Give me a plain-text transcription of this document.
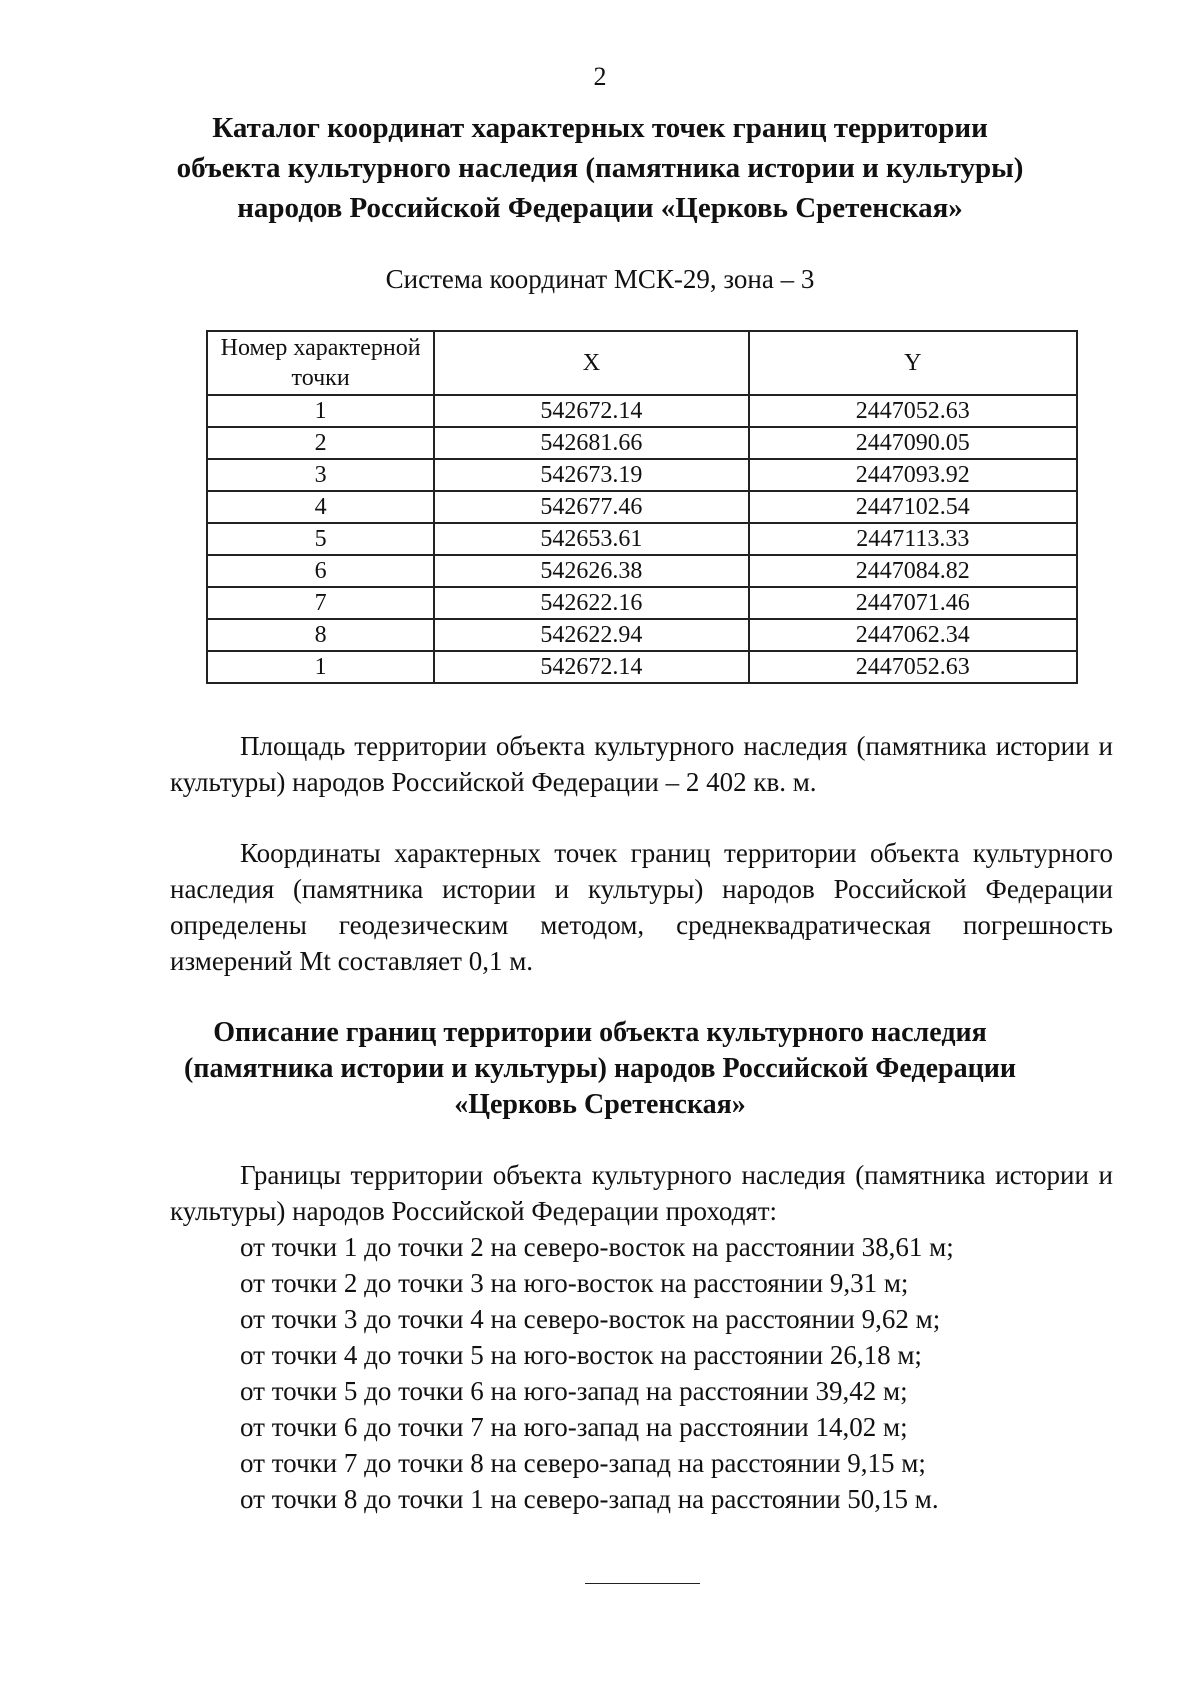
2
Каталог координат характерных точек границ территории
объекта культурного наследия (памятника истории и культуры)
народов Российской Федерации «Церковь Сретенская»
Система координат МСК-29, зона – 3
Номер характерной точки	X	Y
1	542672.14	2447052.63
2	542681.66	2447090.05
3	542673.19	2447093.92
4	542677.46	2447102.54
5	542653.61	2447113.33
6	542626.38	2447084.82
7	542622.16	2447071.46
8	542622.94	2447062.34
1	542672.14	2447052.63
Площадь территории объекта культурного наследия (памятника истории и культуры) народов Российской Федерации – 2 402 кв. м.
Координаты характерных точек границ территории объекта культурного наследия (памятника истории и культуры) народов Российской Федерации определены геодезическим методом, среднеквадратическая погрешность измерений Mt составляет 0,1 м.
Описание границ территории объекта культурного наследия
(памятника истории и культуры) народов Российской Федерации
«Церковь Сретенская»
Границы территории объекта культурного наследия (памятника истории и культуры) народов Российской Федерации проходят:
от точки 1 до точки 2 на северо-восток на расстоянии 38,61 м;
от точки 2 до точки 3 на юго-восток на расстоянии 9,31 м;
от точки 3 до точки 4 на северо-восток на расстоянии 9,62 м;
от точки 4 до точки 5 на юго-восток на расстоянии 26,18 м;
от точки 5 до точки 6 на юго-запад на расстоянии 39,42 м;
от точки 6 до точки 7 на юго-запад на расстоянии 14,02 м;
от точки 7 до точки 8 на северо-запад на расстоянии 9,15 м;
от точки 8 до точки 1 на северо-запад на расстоянии 50,15 м.
